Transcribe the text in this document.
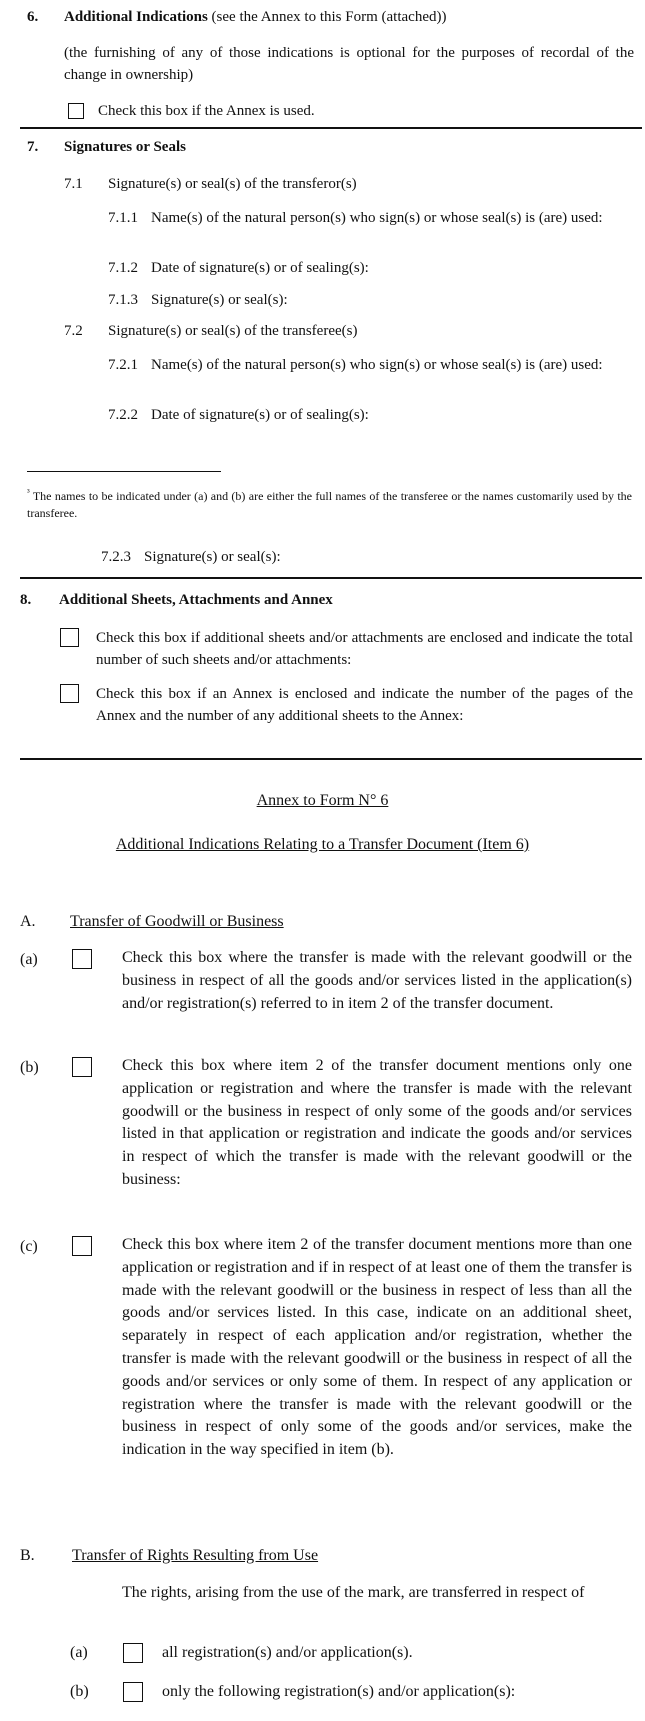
6. Additional Indications (see the Annex to this Form (attached))
(the furnishing of any of those indications is optional for the purposes of recordal of the change in ownership)
Check this box if the Annex is used.
7. Signatures or Seals
7.1 Signature(s) or seal(s) of the transferor(s)
7.1.1 Name(s) of the natural person(s) who sign(s) or whose seal(s) is (are) used:
7.1.2 Date of signature(s) or of sealing(s):
7.1.3 Signature(s) or seal(s):
7.2 Signature(s) or seal(s) of the transferee(s)
7.2.1 Name(s) of the natural person(s) who sign(s) or whose seal(s) is (are) used:
7.2.2 Date of signature(s) or of sealing(s):
$^{^3}$ The names to be indicated under (a) and (b) are either the full names of the transferee or the names customarily used by the transferee.
7.2.3 Signature(s) or seal(s):
8. Additional Sheets, Attachments and Annex
Check this box if additional sheets and/or attachments are enclosed and indicate the total number of such sheets and/or attachments:
Check this box if an Annex is enclosed and indicate the number of the pages of the Annex and the number of any additional sheets to the Annex:
Annex to Form N° 6
Additional Indications Relating to a Transfer Document (Item 6)
A. Transfer of Goodwill or Business
(a)	Check this box where the transfer is made with the relevant goodwill or the business in respect of all the goods and/or services listed in the application(s) and/or registration(s) referred to in item 2 of the transfer document.
(b)	Check this box where item 2 of the transfer document mentions only one application or registration and where the transfer is made with the relevant goodwill or the business in respect of only some of the goods and/or services listed in that application or registration and indicate the goods and/or services in respect of which the transfer is made with the relevant goodwill or the business:
(c)	Check this box where item 2 of the transfer document mentions more than one application or registration and if in respect of at least one of them the transfer is made with the relevant goodwill or the business in respect of less than all the goods and/or services listed. In this case, indicate on an additional sheet, separately in respect of each application and/or registration, whether the transfer is made with the relevant goodwill or the business in respect of all the goods and/or services or only some of them. In respect of any application or registration where the transfer is made with the relevant goodwill or the business in respect of only some of the goods and/or services, make the indication in the way specified in item (b).
B. Transfer of Rights Resulting from Use
The rights, arising from the use of the mark, are transferred in respect of
(a)	all registration(s) and/or application(s).
(b)	only the following registration(s) and/or application(s):
